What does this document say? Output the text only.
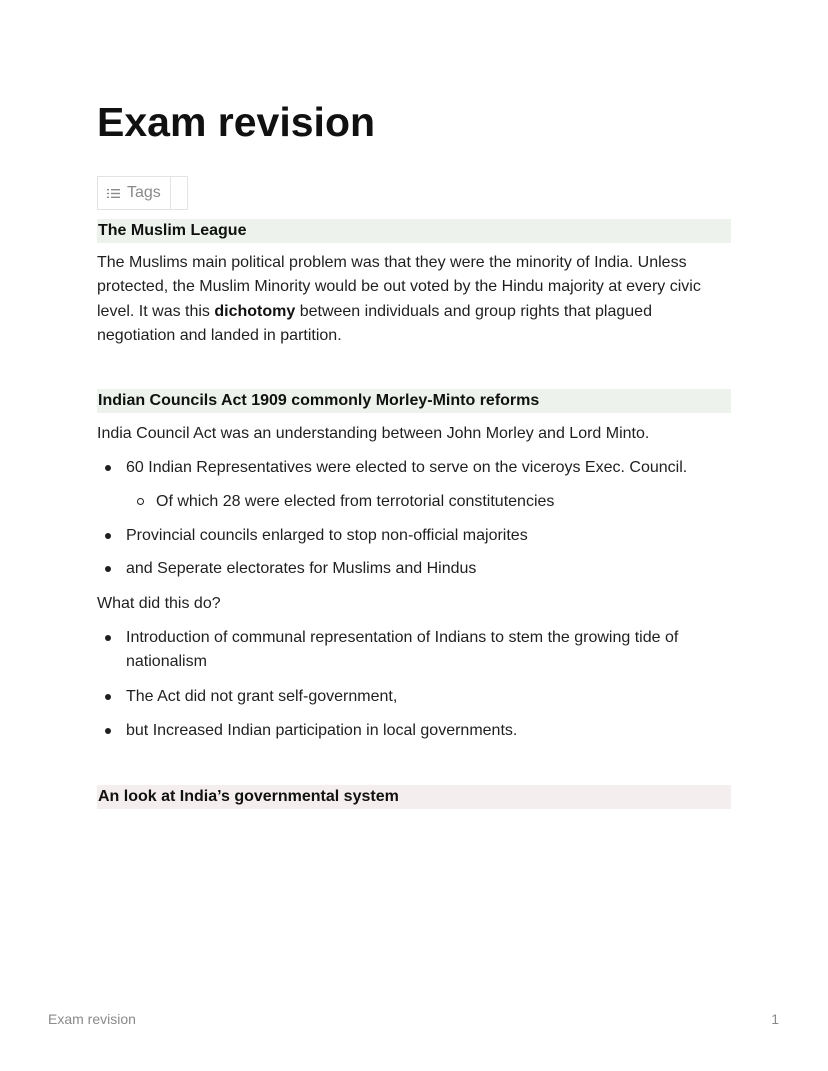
Exam revision
Tags
The Muslim League

The Muslims main political problem was that they were the minority of India. Unless protected, the Muslim Minority would be out voted by the Hindu majority at every civic level. It was this dichotomy between individuals and group rights that plagued negotiation and landed in partition.

Indian Councils Act 1909 commonly Morley-Minto reforms

India Council Act was an understanding between John Morley and Lord Minto.

60 Indian Representatives were elected to serve on the viceroys Exec. Council.
Of which 28 were elected from terrotorial constitutencies
Provincial councils enlarged to stop non-official majorites
and Seperate electorates for Muslims and Hindus

What did this do?

Introduction of communal representation of Indians to stem the growing tide of nationalism
The Act did not grant self-government,
but Increased Indian participation in local governments.
An look at India’s governmental system
Exam revision	1
